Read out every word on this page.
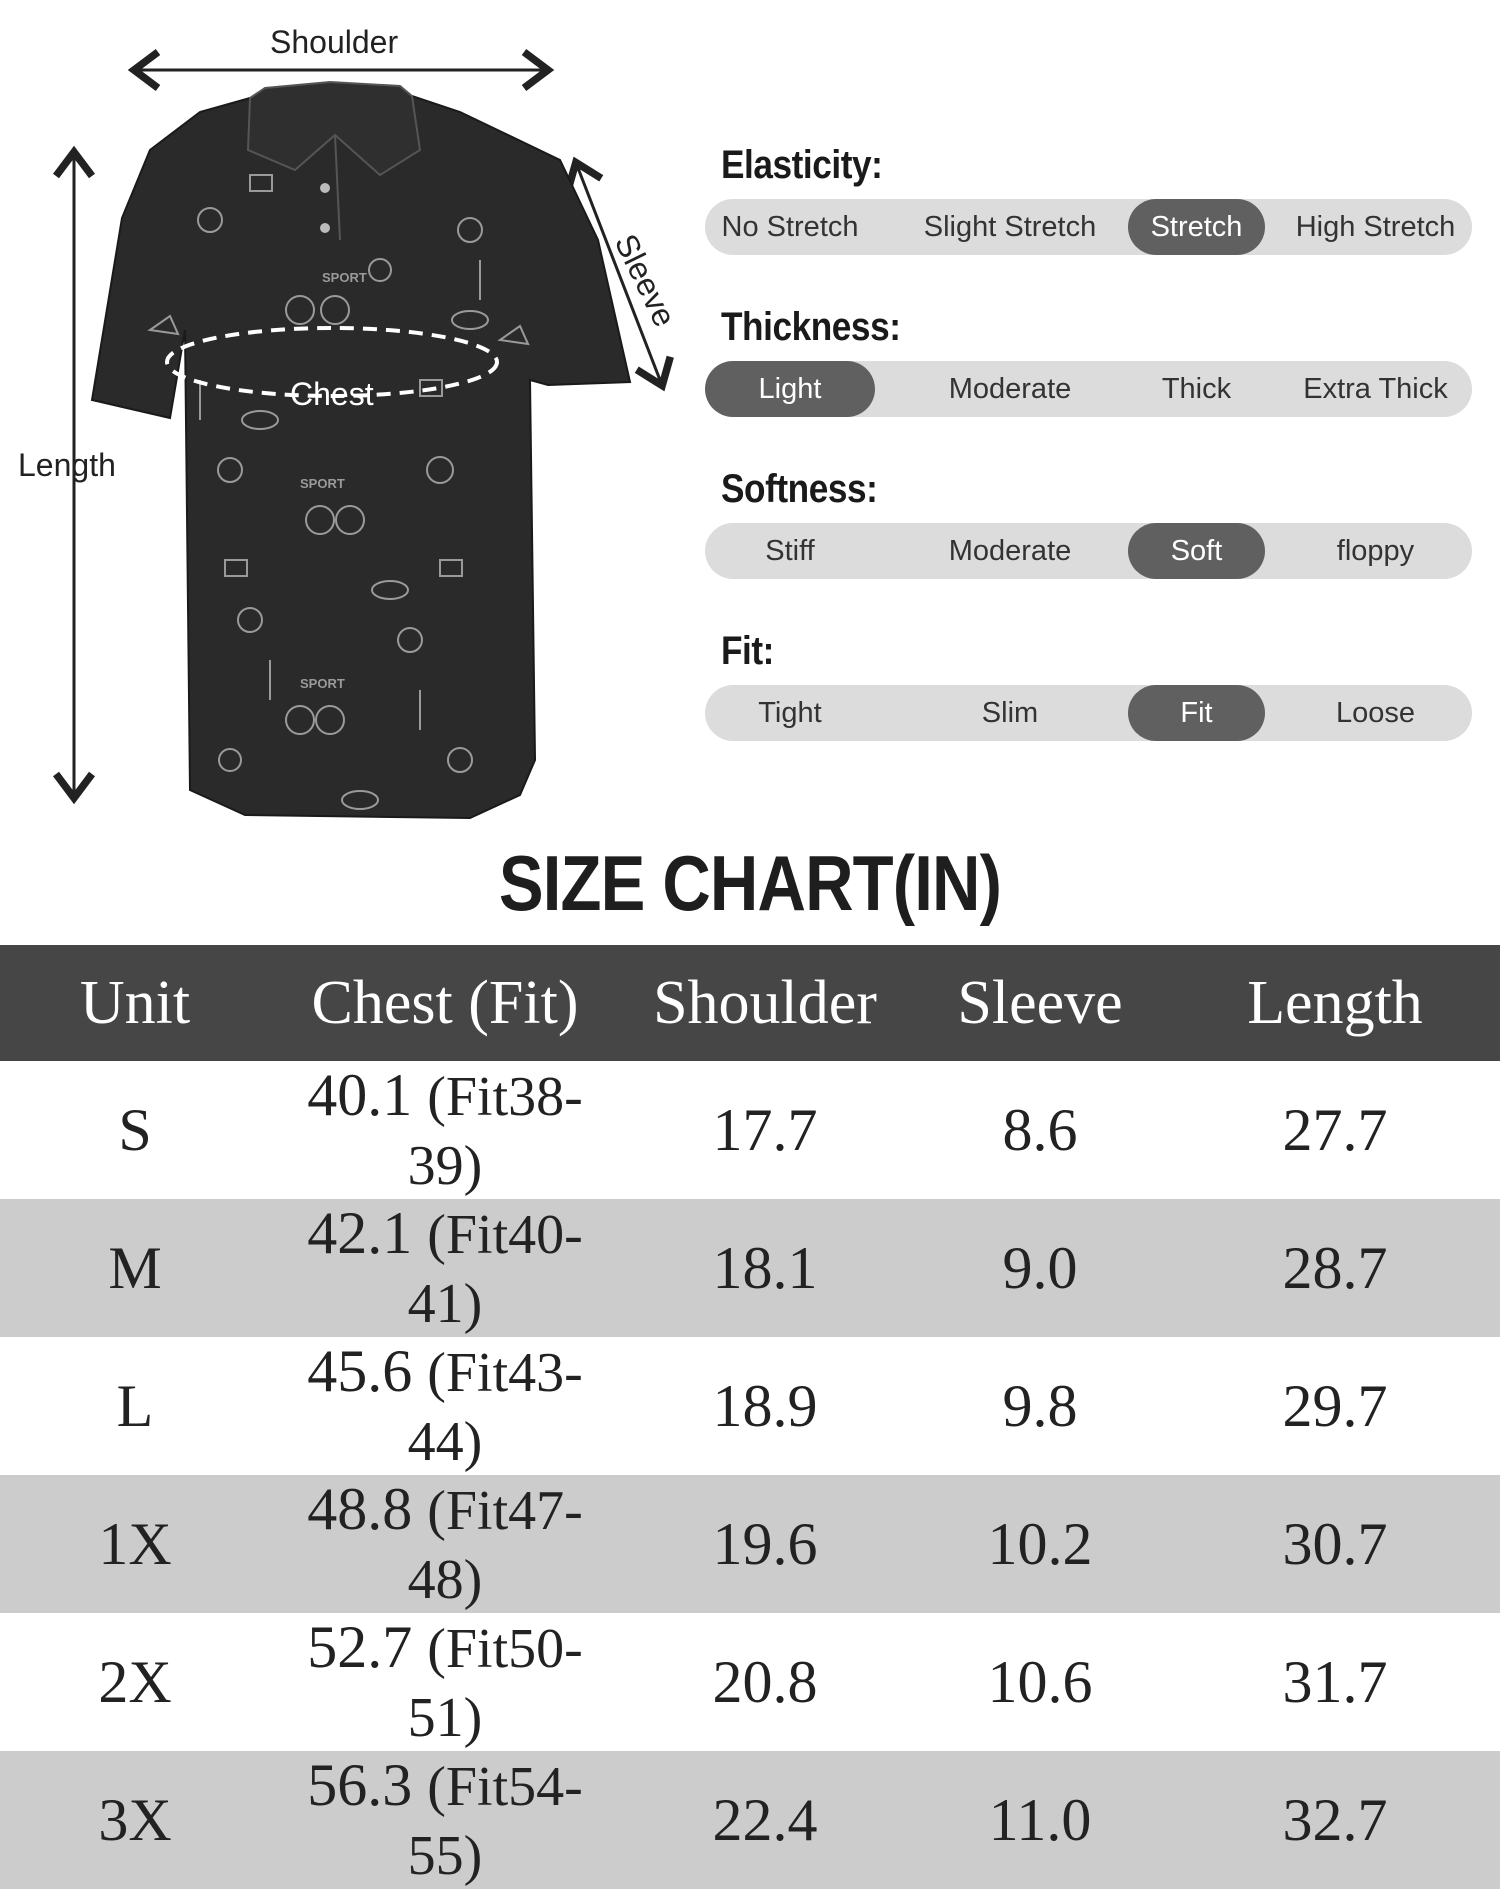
SPORT
SPORT
SPORT
Shoulder
Length
Sleeve
Chest
Elasticity:
No Stretch	Slight Stretch	Stretch	High Stretch
Thickness:
Light	Moderate	Thick	Extra Thick
Softness:
Stiff	Moderate	Soft	floppy
Fit:
Tight	Slim	Fit	Loose
SIZE CHART(IN)
Unit	Chest (Fit)	Shoulder	Sleeve	Length
S	40.1 (Fit38-39)	17.7	8.6	27.7
M	42.1 (Fit40-41)	18.1	9.0	28.7
L	45.6 (Fit43-44)	18.9	9.8	29.7
1X	48.8 (Fit47-48)	19.6	10.2	30.7
2X	52.7 (Fit50-51)	20.8	10.6	31.7
3X	56.3 (Fit54-55)	22.4	11.0	32.7
